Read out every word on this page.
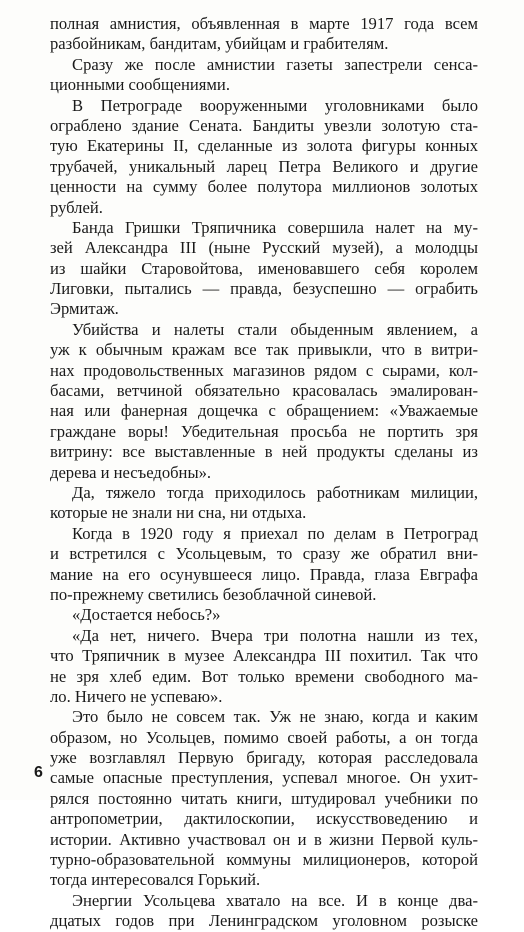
полная амнистия, объявленная в марте 1917 года всем
разбойникам, бандитам, убийцам и грабителям.
Сразу же после амнистии газеты запестрели сенса-
ционными сообщениями.
В Петрограде вооруженными уголовниками было
ограблено здание Сената. Бандиты увезли золотую ста-
тую Екатерины II, сделанные из золота фигуры конных
трубачей, уникальный ларец Петра Великого и другие
ценности на сумму более полутора миллионов золотых
рублей.
Банда Гришки Тряпичника совершила налет на му-
зей Александра III (ныне Русский музей), а молодцы
из шайки Старовойтова, именовавшего себя королем
Лиговки, пытались — правда, безуспешно — ограбить
Эрмитаж.
Убийства и налеты стали обыденным явлением, а
уж к обычным кражам все так привыкли, что в витри-
нах продовольственных магазинов рядом с сырами, кол-
басами, ветчиной обязательно красовалась эмалирован-
ная или фанерная дощечка с обращением: «Уважаемые
граждане воры! Убедительная просьба не портить зря
витрину: все выставленные в ней продукты сделаны из
дерева и несъедобны».
Да, тяжело тогда приходилось работникам милиции,
которые не знали ни сна, ни отдыха.
Когда в 1920 году я приехал по делам в Петроград
и встретился с Усольцевым, то сразу же обратил вни-
мание на его осунувшееся лицо. Правда, глаза Евграфа
по-прежнему светились безоблачной синевой.
«Достается небось?»
«Да нет, ничего. Вчера три полотна нашли из тех,
что Тряпичник в музее Александра III похитил. Так что
не зря хлеб едим. Вот только времени свободного ма-
ло. Ничего не успеваю».
Это было не совсем так. Уж не знаю, когда и каким
образом, но Усольцев, помимо своей работы, а он тогда
уже возглавлял Первую бригаду, которая расследовала
самые опасные преступления, успевал многое. Он ухит-
рялся постоянно читать книги, штудировал учебники по
антропометрии, дактилоскопии, искусствоведению и
истории. Активно участвовал он и в жизни Первой куль-
турно-образовательной коммуны милиционеров, которой
тогда интересовался Горький.
Энергии Усольцева хватало на все. И в конце два-
дцатых годов при Ленинградском уголовном розыске
6
